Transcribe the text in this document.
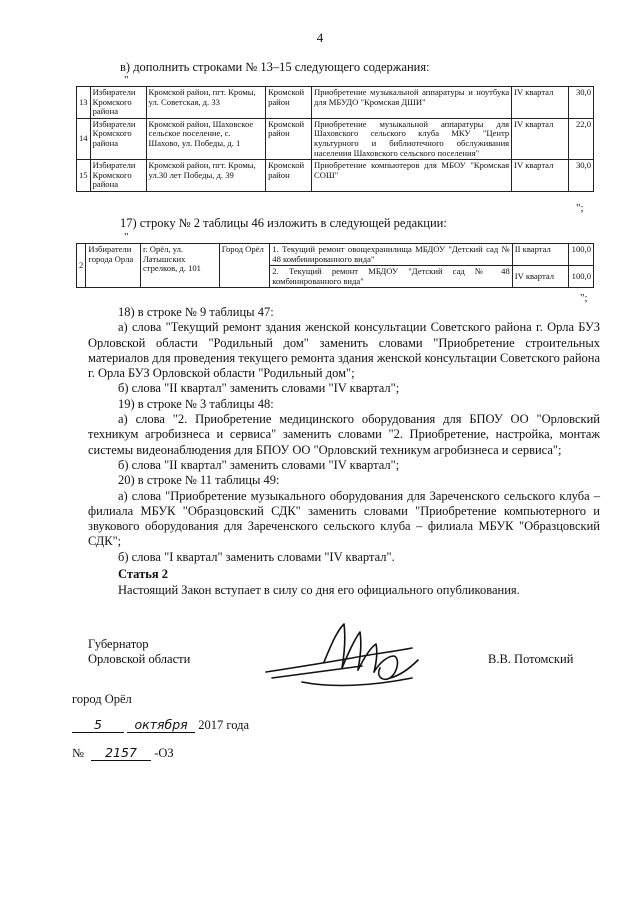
4
в) дополнить строками № 13–15 следующего содержания:
"
13	Избиратели Кромского района	Кромской район, пгт. Кромы, ул. Советская, д. 33	Кромской район	Приобретение музыкальной аппаратуры и ноутбука для МБУДО "Кромская ДШИ"	IV квартал	30,0
14	Избиратели Кромского района	Кромской район, Шаховское сельское поселение, с. Шахово, ул. Победы, д. 1	Кромской район	Приобретение музыкальной аппаратуры для Шаховского сельского клуба МКУ "Центр культурного и библиотечного обслуживания населения Шаховского сельского поселения"	IV квартал	22,0
15	Избиратели Кромского района	Кромской район, пгт. Кромы, ул.30 лет Победы, д. 39	Кромской район	Приобретение компьютеров для МБОУ "Кромская СОШ"	IV квартал	30,0
";
17) строку № 2 таблицы 46 изложить в следующей редакции:
"
2	Избиратели города Орла	г. Орёл, ул. Латышских стрелков, д. 101	Город Орёл	1. Текущий ремонт овощехранилища МБДОУ "Детский сад № 48 комбинированного вида"	II квартал	100,0
				2. Текущий ремонт МБДОУ "Детский сад № 48 комбинированного вида"	IV квартал	100,0
";
18) в строке № 9 таблицы 47:
а) слова "Текущий ремонт здания женской консультации Советского района г. Орла БУЗ Орловской области "Родильный дом" заменить словами "Приобретение строительных материалов для проведения текущего ремонта здания женской консультации Советского района г. Орла БУЗ Орловской области "Родильный дом";
б) слова "II квартал" заменить словами "IV квартал";
19) в строке № 3 таблицы 48:
а) слова "2. Приобретение медицинского оборудования для БПОУ ОО "Орловский техникум агробизнеса и сервиса" заменить словами "2. Приобретение, настройка, монтаж системы видеонаблюдения для БПОУ ОО "Орловский техникум агробизнеса и сервиса";
б) слова "II квартал" заменить словами "IV квартал";
20) в строке № 11 таблицы 49:
а) слова "Приобретение музыкального оборудования для Зареченского сельского клуба – филиала МБУК "Образцовский СДК" заменить словами "Приобретение компьютерного и звукового оборудования для Зареченского сельского клуба – филиала МБУК "Образцовский СДК";
б) слова "I квартал" заменить словами "IV квартал".
Статья 2
Настоящий Закон вступает в силу со дня его официального опубликования.
Губернатор
Орловской области	В.В. Потомский
город Орёл
5	октября 2017 года
№ 2157 -ОЗ
